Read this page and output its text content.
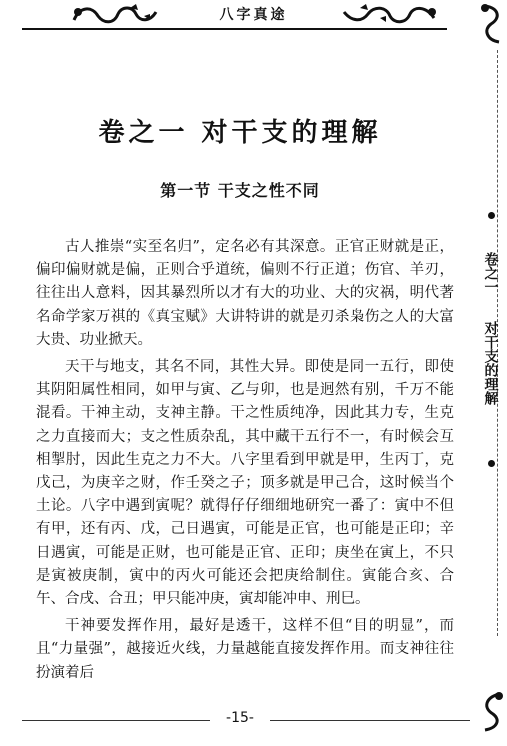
八字真途
卷之一
对干支的理解
卷之一 对干支的理解
第一节 干支之性不同

古人推崇“实至名归”，定名必有其深意。正官正财就是正，偏印偏财就是偏，正则合乎道统，偏则不行正道；伤官、羊刃，往往出人意料，因其暴烈所以才有大的功业、大的灾祸，明代著名命学家万祺的《真宝赋》大讲特讲的就是刃杀枭伤之人的大富大贵、功业掀天。

天干与地支，其名不同，其性大异。即使是同一五行，即使其阴阳属性相同，如甲与寅、乙与卯，也是迥然有别，千万不能混看。干神主动，支神主静。干之性质纯净，因此其力专，生克之力直接而大；支之性质杂乱，其中藏干五行不一，有时候会互相掣肘，因此生克之力不大。八字里看到甲就是甲，生丙丁，克戊己，为庚辛之财，作壬癸之子；顶多就是甲己合，这时候当个土论。八字中遇到寅呢？就得仔仔细细地研究一番了：寅中不但有甲，还有丙、戊，己日遇寅，可能是正官，也可能是正印；辛日遇寅，可能是正财，也可能是正官、正印；庚坐在寅上，不只是寅被庚制，寅中的丙火可能还会把庚给制住。寅能合亥、合午、合戌、合丑；甲只能冲庚，寅却能冲申、刑巳。

干神要发挥作用，最好是透干，这样不但“目的明显”，而且“力量强”，越接近火线，力量越能直接发挥作用。而支神往往扮演着后

-15-
